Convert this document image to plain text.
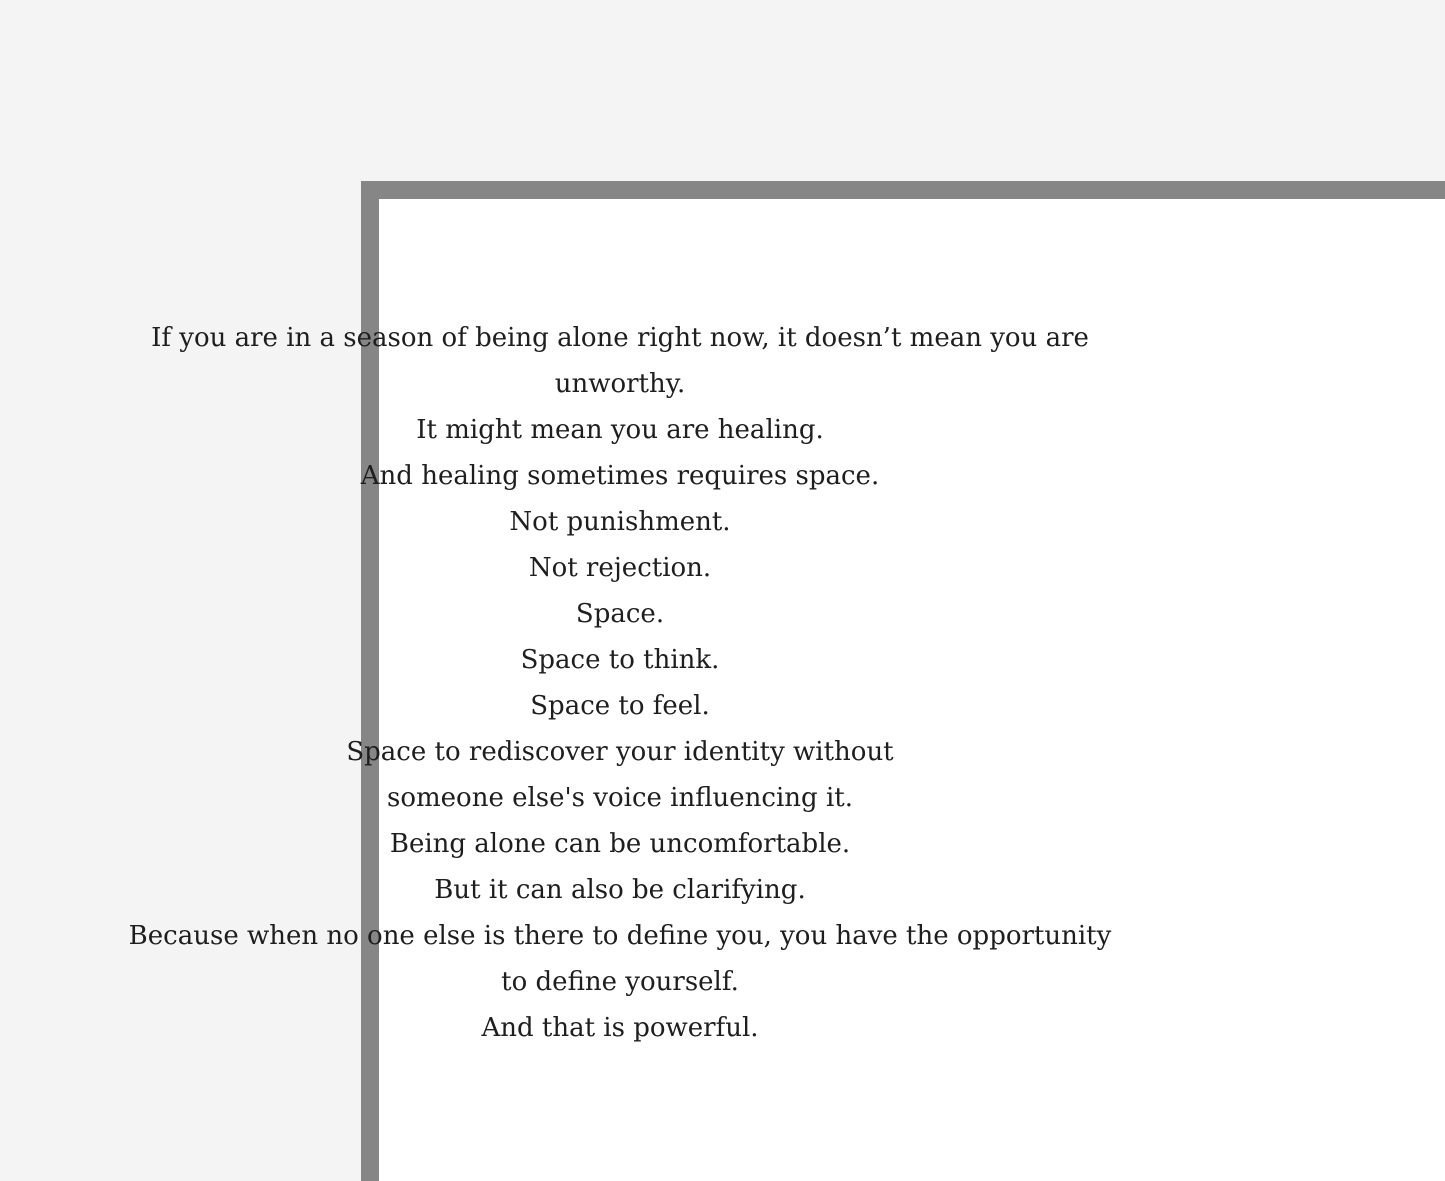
If you are in a season of being alone right now, it doesn’t mean you are
unworthy.
It might mean you are healing.
And healing sometimes requires space.
Not punishment.
Not rejection.
Space.
Space to think.
Space to feel.
Space to rediscover your identity without
someone else's voice influencing it.
Being alone can be uncomfortable.
But it can also be clarifying.
Because when no one else is there to define you, you have the opportunity
to define yourself.
And that is powerful.
